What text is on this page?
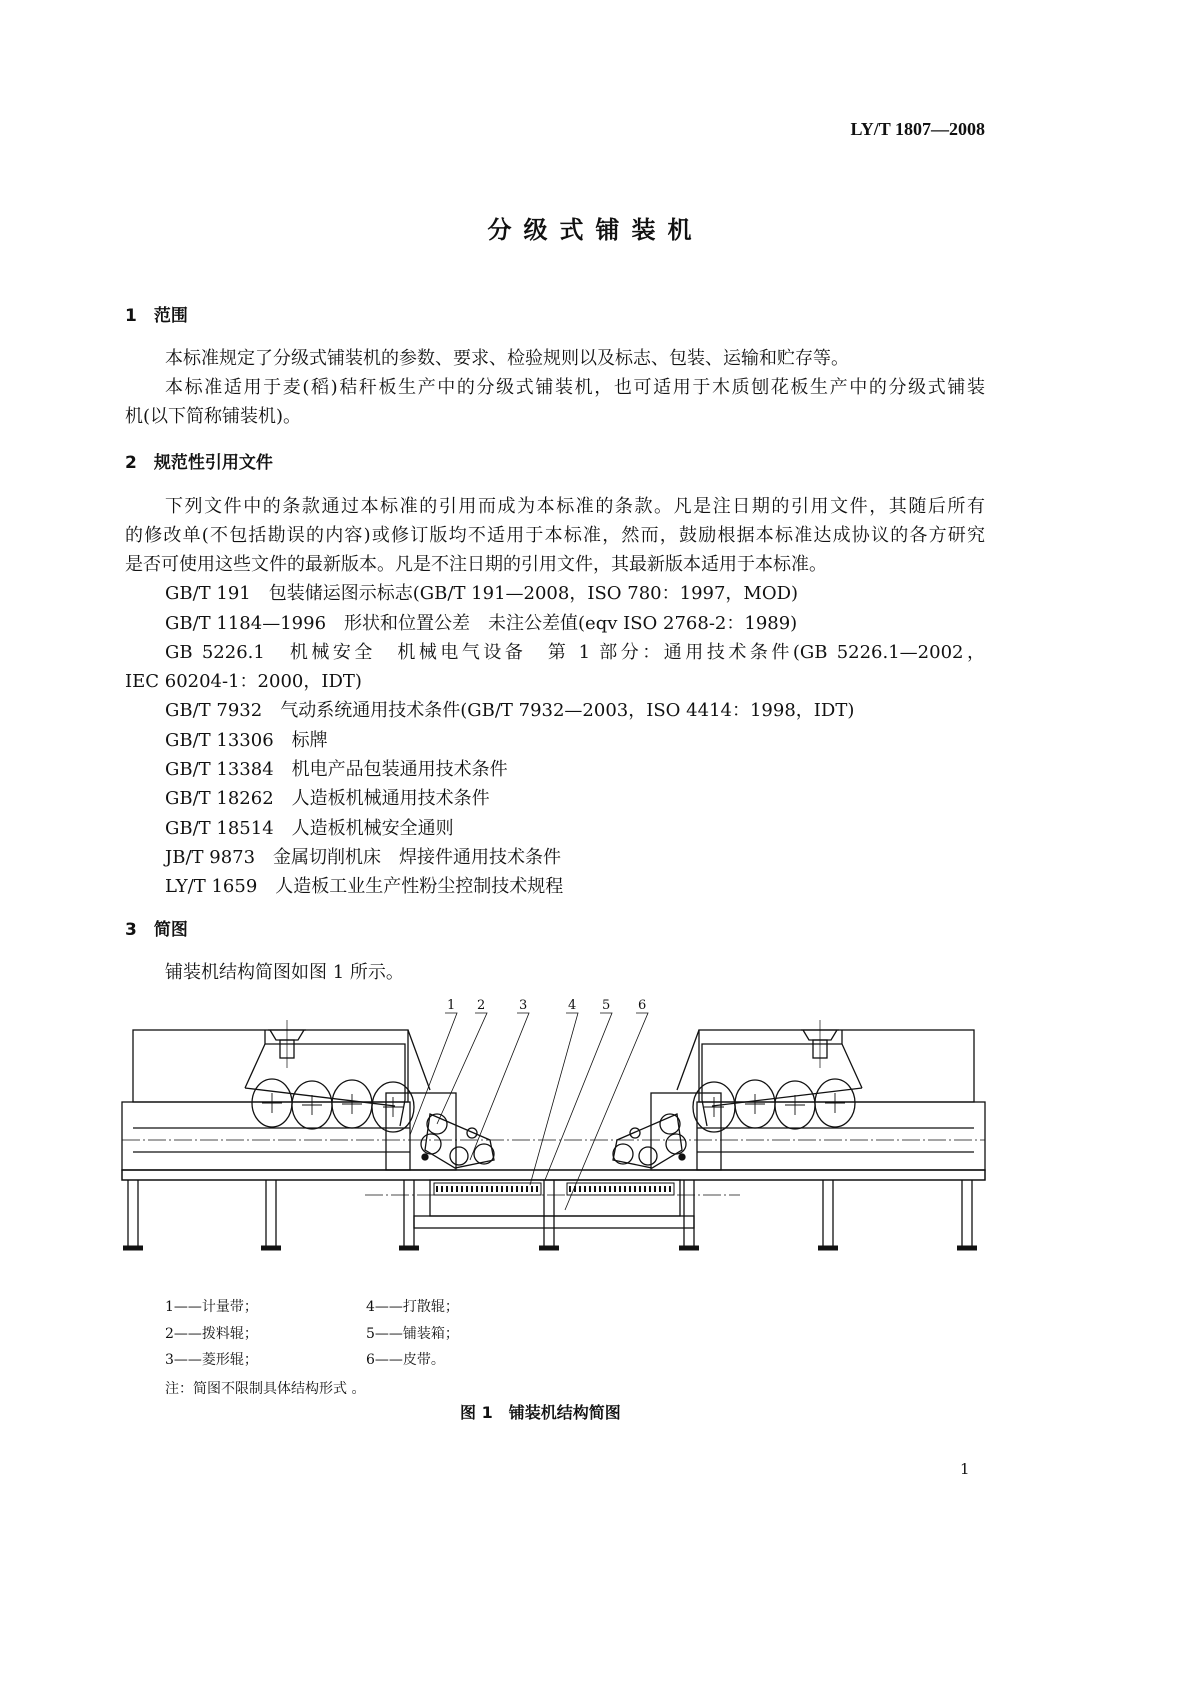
LY/T 1807—2008
分级式铺装机
1　范围
本标准规定了分级式铺装机的参数、要求、检验规则以及标志、包装、运输和贮存等。
本标准适用于麦(稻)秸秆板生产中的分级式铺装机，也可适用于木质刨花板生产中的分级式铺装
机(以下简称铺装机)。
2　规范性引用文件
下列文件中的条款通过本标准的引用而成为本标准的条款。凡是注日期的引用文件，其随后所有
的修改单(不包括勘误的内容)或修订版均不适用于本标准，然而，鼓励根据本标准达成协议的各方研究
是否可使用这些文件的最新版本。凡是不注日期的引用文件，其最新版本适用于本标准。
GB/T 191　包装储运图示标志(GB/T 191—2008，ISO 780：1997，MOD)
GB/T 1184—1996　形状和位置公差　未注公差值(eqv ISO 2768-2：1989)
GB 5226.1　机械安全　机械电气设备　第 1 部分：通用技术条件(GB 5226.1—2002，
IEC 60204-1：2000，IDT)
GB/T 7932　气动系统通用技术条件(GB/T 7932—2003，ISO 4414：1998，IDT)
GB/T 13306　标牌
GB/T 13384　机电产品包装通用技术条件
GB/T 18262　人造板机械通用技术条件
GB/T 18514　人造板机械安全通则
JB/T 9873　金属切削机床　焊接件通用技术条件
LY/T 1659　人造板工业生产性粉尘控制技术规程
3　简图
铺装机结构简图如图 1 所示。
1 2	3	4 5 6
1——计量带；
2——拨料辊；
3——菱形辊；
4——打散辊；
5——铺装箱；
6——皮带。
注：简图不限制具体结构形式 。
图 1　铺装机结构简图
1
